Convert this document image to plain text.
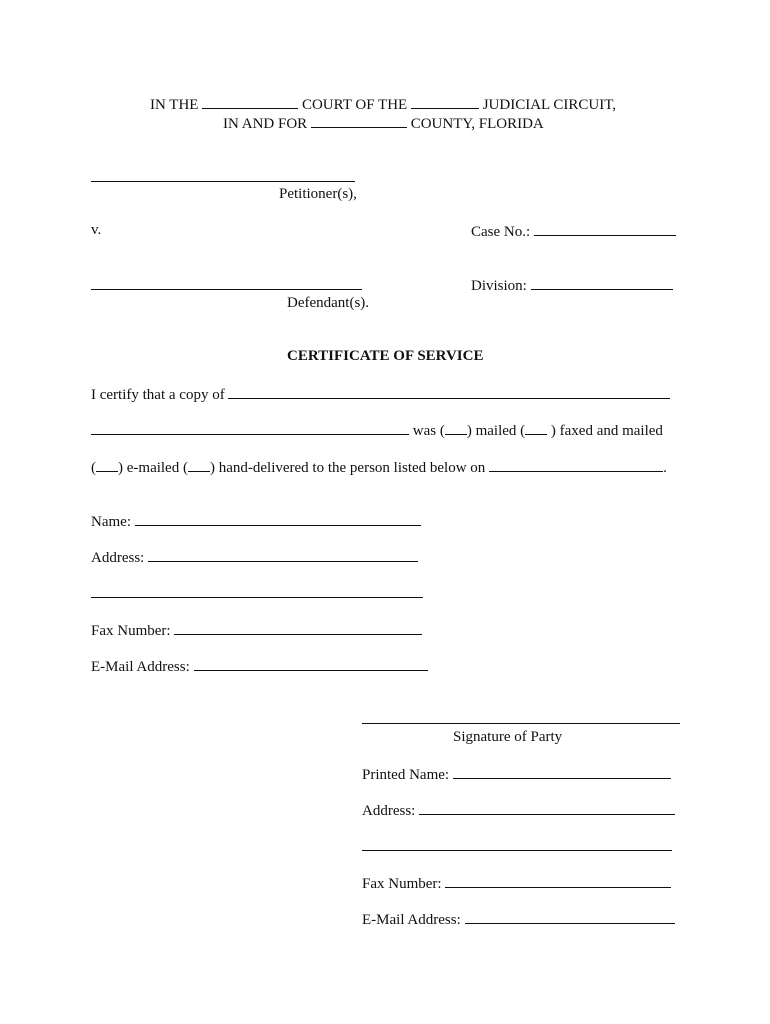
IN THE	COURT OF THE	JUDICIAL CIRCUIT,
IN AND FOR	COUNTY, FLORIDA
Petitioner(s),
v.	Case No.:
Division:
Defendant(s).
CERTIFICATE OF SERVICE
I certify that a copy of
was ( ) mailed ( ) faxed and mailed
( ) e-mailed ( ) hand-delivered to the person listed below on	.
Name:
Address:
Fax Number:
E-Mail Address:
Signature of Party
Printed Name:
Address:
Fax Number:
E-Mail Address:
